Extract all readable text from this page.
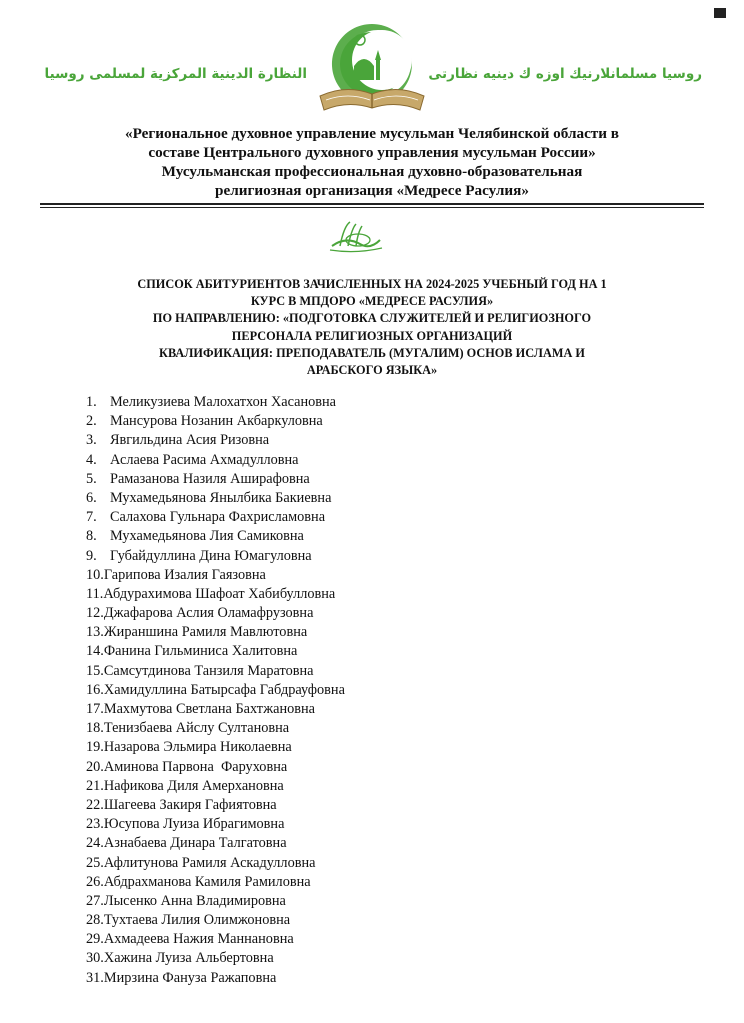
النظارة الدينية المركزية لمسلمى روسيا	روسيا مسلمانلارنيك اوزه ك دينيه نظارتى
«Региональное духовное управление мусульман Челябинской области в
составе Центрального духовного управления мусульман России»
Мусульманская профессиональная духовно-образовательная
религиозная организация «Медресе Расулия»
СПИСОК АБИТУРИЕНТОВ ЗАЧИСЛЕННЫХ НА 2024-2025 УЧЕБНЫЙ ГОД НА 1
КУРС В МПДОРО «МЕДРЕСЕ РАСУЛИЯ»
ПО НАПРАВЛЕНИЮ: «ПОДГОТОВКА СЛУЖИТЕЛЕЙ И РЕЛИГИОЗНОГО
ПЕРСОНАЛА РЕЛИГИОЗНЫХ ОРГАНИЗАЦИЙ
КВАЛИФИКАЦИЯ: ПРЕПОДАВАТЕЛЬ (МУГАЛИМ) ОСНОВ ИСЛАМА И
АРАБСКОГО ЯЗЫКА»
1. Меликузиева Малохатхон Хасановна
2. Мансурова Нозанин Акбаркуловна
3. Явгильдина Асия Ризовна
4. Аслаева Расима Ахмадулловна
5. Рамазанова Назиля Аширафовна
6. Мухамедьянова Янылбика Бакиевна
7. Салахова Гульнара Фахрисламовна
8. Мухамедьянова Лия Самиковна
9. Губайдуллина Дина Юмагуловна
10. Гарипова Изалия Гаязовна
11. Абдурахимова Шафоат Хабибулловна
12. Джафарова Аслия Оламафрузовна
13. Жираншина Рамиля Мавлютовна
14. Фанина Гильминиса Халитовна
15. Самсутдинова Танзиля Маратовна
16. Хамидуллина Батырсафа Габдрауфовна
17. Махмутова Светлана Бахтжановна
18. Тенизбаева Айслу Султановна
19. Назарова Эльмира Николаевна
20. Аминова Парвона  Фаруховна
21. Нафикова Диля Амерхановна
22. Шагеева Закиря Гафиятовна
23. Юсупова Луиза Ибрагимовна
24. Азнабаева Динара Талгатовна
25. Афлитунова Рамиля Аскадулловна
26. Абдрахманова Камиля Рамиловна
27. Лысенко Анна Владимировна
28. Тухтаева Лилия Олимжоновна
29. Ахмадеева Нажия Маннановна
30. Хажина Луиза Альбертовна
31. Мирзина Фануза Ражаповна
